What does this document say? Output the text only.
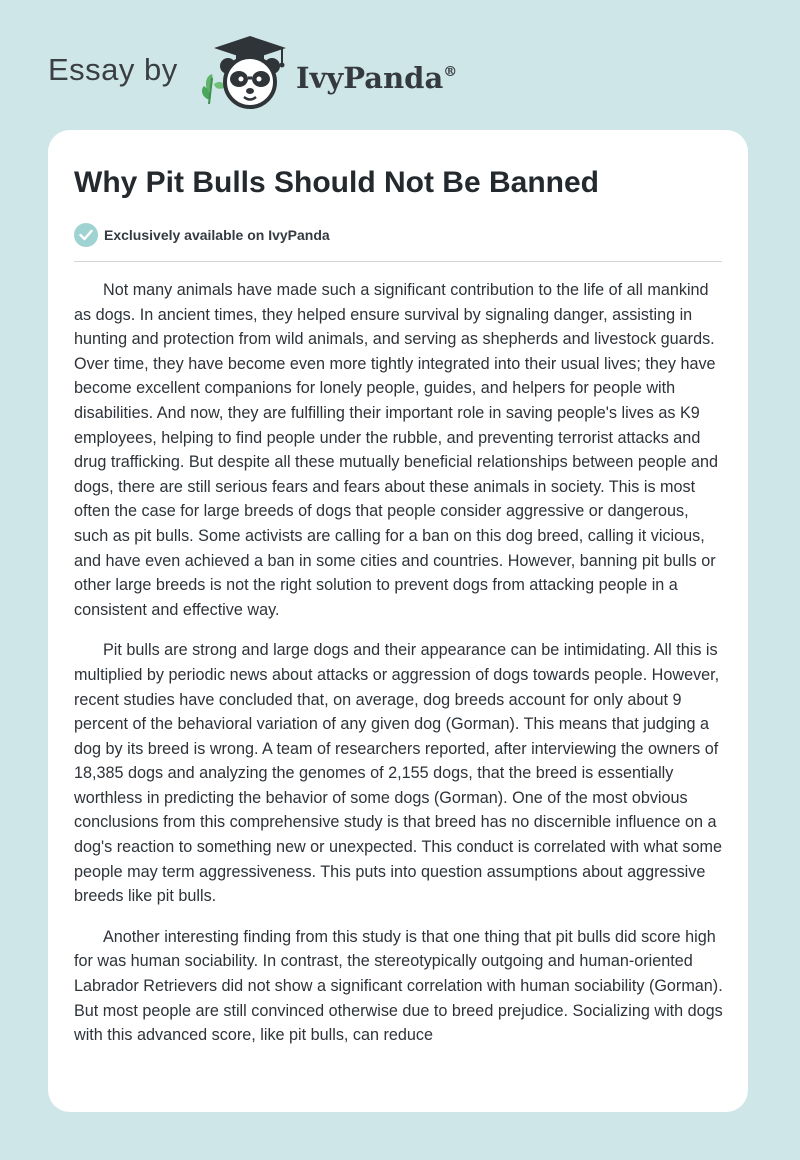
Essay by	IvyPanda®
Why Pit Bulls Should Not Be Banned
Exclusively available on IvyPanda

Not many animals have made such a significant contribution to the life of all mankind as dogs. In ancient times, they helped ensure survival by signaling danger, assisting in hunting and protection from wild animals, and serving as shepherds and livestock guards. Over time, they have become even more tightly integrated into their usual lives; they have become excellent companions for lonely people, guides, and helpers for people with disabilities. And now, they are fulfilling their important role in saving people's lives as K9 employees, helping to find people under the rubble, and preventing terrorist attacks and drug trafficking. But despite all these mutually beneficial relationships between people and dogs, there are still serious fears and fears about these animals in society. This is most often the case for large breeds of dogs that people consider aggressive or dangerous, such as pit bulls. Some activists are calling for a ban on this dog breed, calling it vicious, and have even achieved a ban in some cities and countries. However, banning pit bulls or other large breeds is not the right solution to prevent dogs from attacking people in a consistent and effective way.

Pit bulls are strong and large dogs and their appearance can be intimidating. All this is multiplied by periodic news about attacks or aggression of dogs towards people. However, recent studies have concluded that, on average, dog breeds account for only about 9 percent of the behavioral variation of any given dog (Gorman). This means that judging a dog by its breed is wrong. A team of researchers reported, after interviewing the owners of 18,385 dogs and analyzing the genomes of 2,155 dogs, that the breed is essentially worthless in predicting the behavior of some dogs (Gorman). One of the most obvious conclusions from this comprehensive study is that breed has no discernible influence on a dog's reaction to something new or unexpected. This conduct is correlated with what some people may term aggressiveness. This puts into question assumptions about aggressive breeds like pit bulls.

Another interesting finding from this study is that one thing that pit bulls did score high for was human sociability. In contrast, the stereotypically outgoing and human-oriented Labrador Retrievers did not show a significant correlation with human sociability (Gorman). But most people are still convinced otherwise due to breed prejudice. Socializing with dogs with this advanced score, like pit bulls, can reduce
